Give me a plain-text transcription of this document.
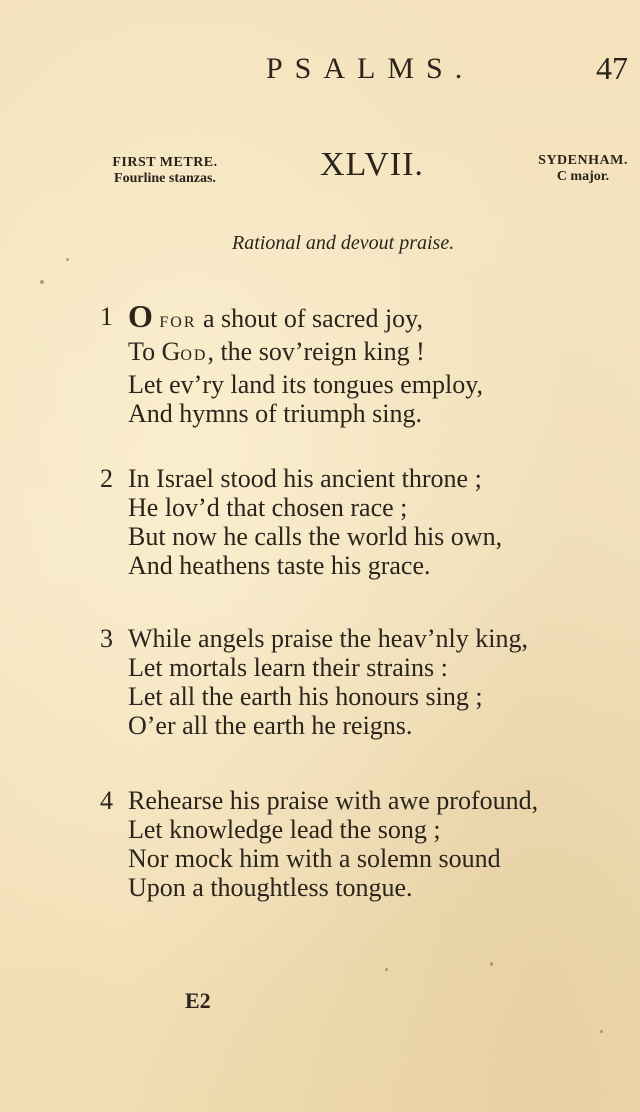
PSALMS.	47
FIRST METRE.
Fourline stanzas.	XLVII.	SYDENHAM.
C major.
Rational and devout praise.
1 O FOR a shout of sacred joy,
To GOD, the sov’reign king !
Let ev’ry land its tongues employ,
And hymns of triumph sing.
2 In Israel stood his ancient throne ;
He lov’d that chosen race ;
But now he calls the world his own,
And heathens taste his grace.
3 While angels praise the heav’nly king,
Let mortals learn their strains :
Let all the earth his honours sing ;
O’er all the earth he reigns.
4 Rehearse his praise with awe profound,
Let knowledge lead the song ;
Nor mock him with a solemn sound
Upon a thoughtless tongue.
E2
